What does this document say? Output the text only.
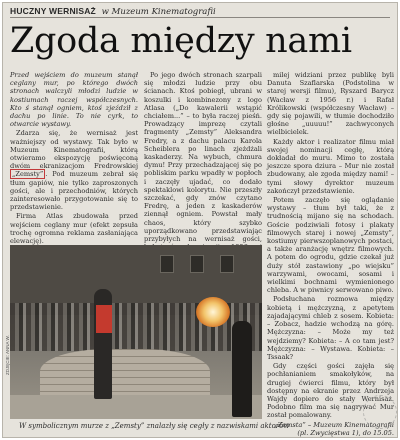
HUCZNY WERNISAŻ w Muzeum Kinematografii
Zgoda między nami

Przed wejściem do muzeum stanął ceglany mur, po którego dwóch stronach walczyli młodzi ludzie w kostiumach raczej współczesnych. Kto ś stanął ogniem, ktoś zjeździł z dachu po linie. To nie cyrk, to otwarcie wystawy.

Zdarza się, że wernisaż jest ważniejszy od wystawy. Tak było w Muzeum Kinematografii, którą otwieramo ekspozycję poświęconą dwóm ekranizacjom Fredrowskiej „Zemsty” . Pod muzeum zebrał się tłum gapiów, nie tylko zaproszonych gości, ale i przechodniów, których zainteresowało przygotowanie się to przedstawienie.

Firma Atlas zbudowała przed wejściem ceglany mur (efekt zepsuła trochę ogromna reklama zasłaniająca elewację).

Po jego dwóch stronach szarpali się młodzi ludzie przy obu ścianach. Ktoś pobiegł, ubrani w koszulki i kombinezony z logo Atlasa („Do kawalerii wstąpić chciałem...” – to była raczej pieśń. Prowadzący imprezę czytali fragmenty „Zemsty” Aleksandra Fredry, a z dachu palacu Karola Scheiblera po linach zjeżdżali kaskaderzy. Na wybuch, chmura dymu! Przy przechadzającej się po pobliskim parku wpadły w popłoch i zaczęły ujadać, co dodało spektaklowi kolorytu. Nie przeszły szczekać, gdy znów czytano Fredrę, a jeden z kaskaderów ziennął ogniem. Powstał mały chaos, który szybko uporządkowano przedstawiając przybyłych na wernisaż gości,

milej widziani przez publikę byli Danuta Szaflarska (Podstolina w starej wersji filmu), Ryszard Barycz (Wacław z 1956 r.) i Rafał Królikowski (współczesny Wacław) – gdy się pojawili, w tłumie dochodziło głośne „uuuuu!” zachwyconych wielbicielek.

Każdy aktor i realizator filmu miał swojej nominacji cegłę, którą dokładał do muru. Mimo to została jeszcze spora dziura – Mur nie został zbudowany, ale zgoda między nami! – tymi słowy dyrektor muzeum zakończył przedstawienie.

Potem zaczęło się oglądanie wystawy – tłum był taki, że z trudnością mijano się na schodach. Goście podziwiali fotosy i plakaty filmowych starej i nowej „Zemsty”, kostiumy pierwszoplanowych postaci, a także aranżację wnętrz filmowych. A potem do ogrodu, gdzie czekał już duży stół zastawiony „po wiejsku” warzywami, owocami, sosami i wielkimi bochnami wymienionego chleba. A w piwnicy serwowano piwo.

Podsłuchana rozmowa między kobietą i mężczyzną, z apetytem zajadającymi chleb z sosem. Kobieta: – Zobacz, hadzie wchodzą na górę. Mężczyzna: – Może my też wejdziemy? Kobieta: – A co tam jest? Mężczyzna: – Wystawa. Kobieta: – Tssaak?

Gdy części gości zajęła się pochłanianiem smakołyków, na drugiej ćwierci filmu, który był dostępny na ekranie przez Andrzeja Wajdy dopiero do stały Wernisaż. Podobno film ma się nagrywać Mur został pomalowany.

„Zemsta” – Muzeum Kinematografii (pl. Zwycięstwa 1), do 15.05.

ZDJĘCIE: ANNA W.
W symbolicznym murze z „Zemsty” znalazły się cegły z nazwiskami aktorów
